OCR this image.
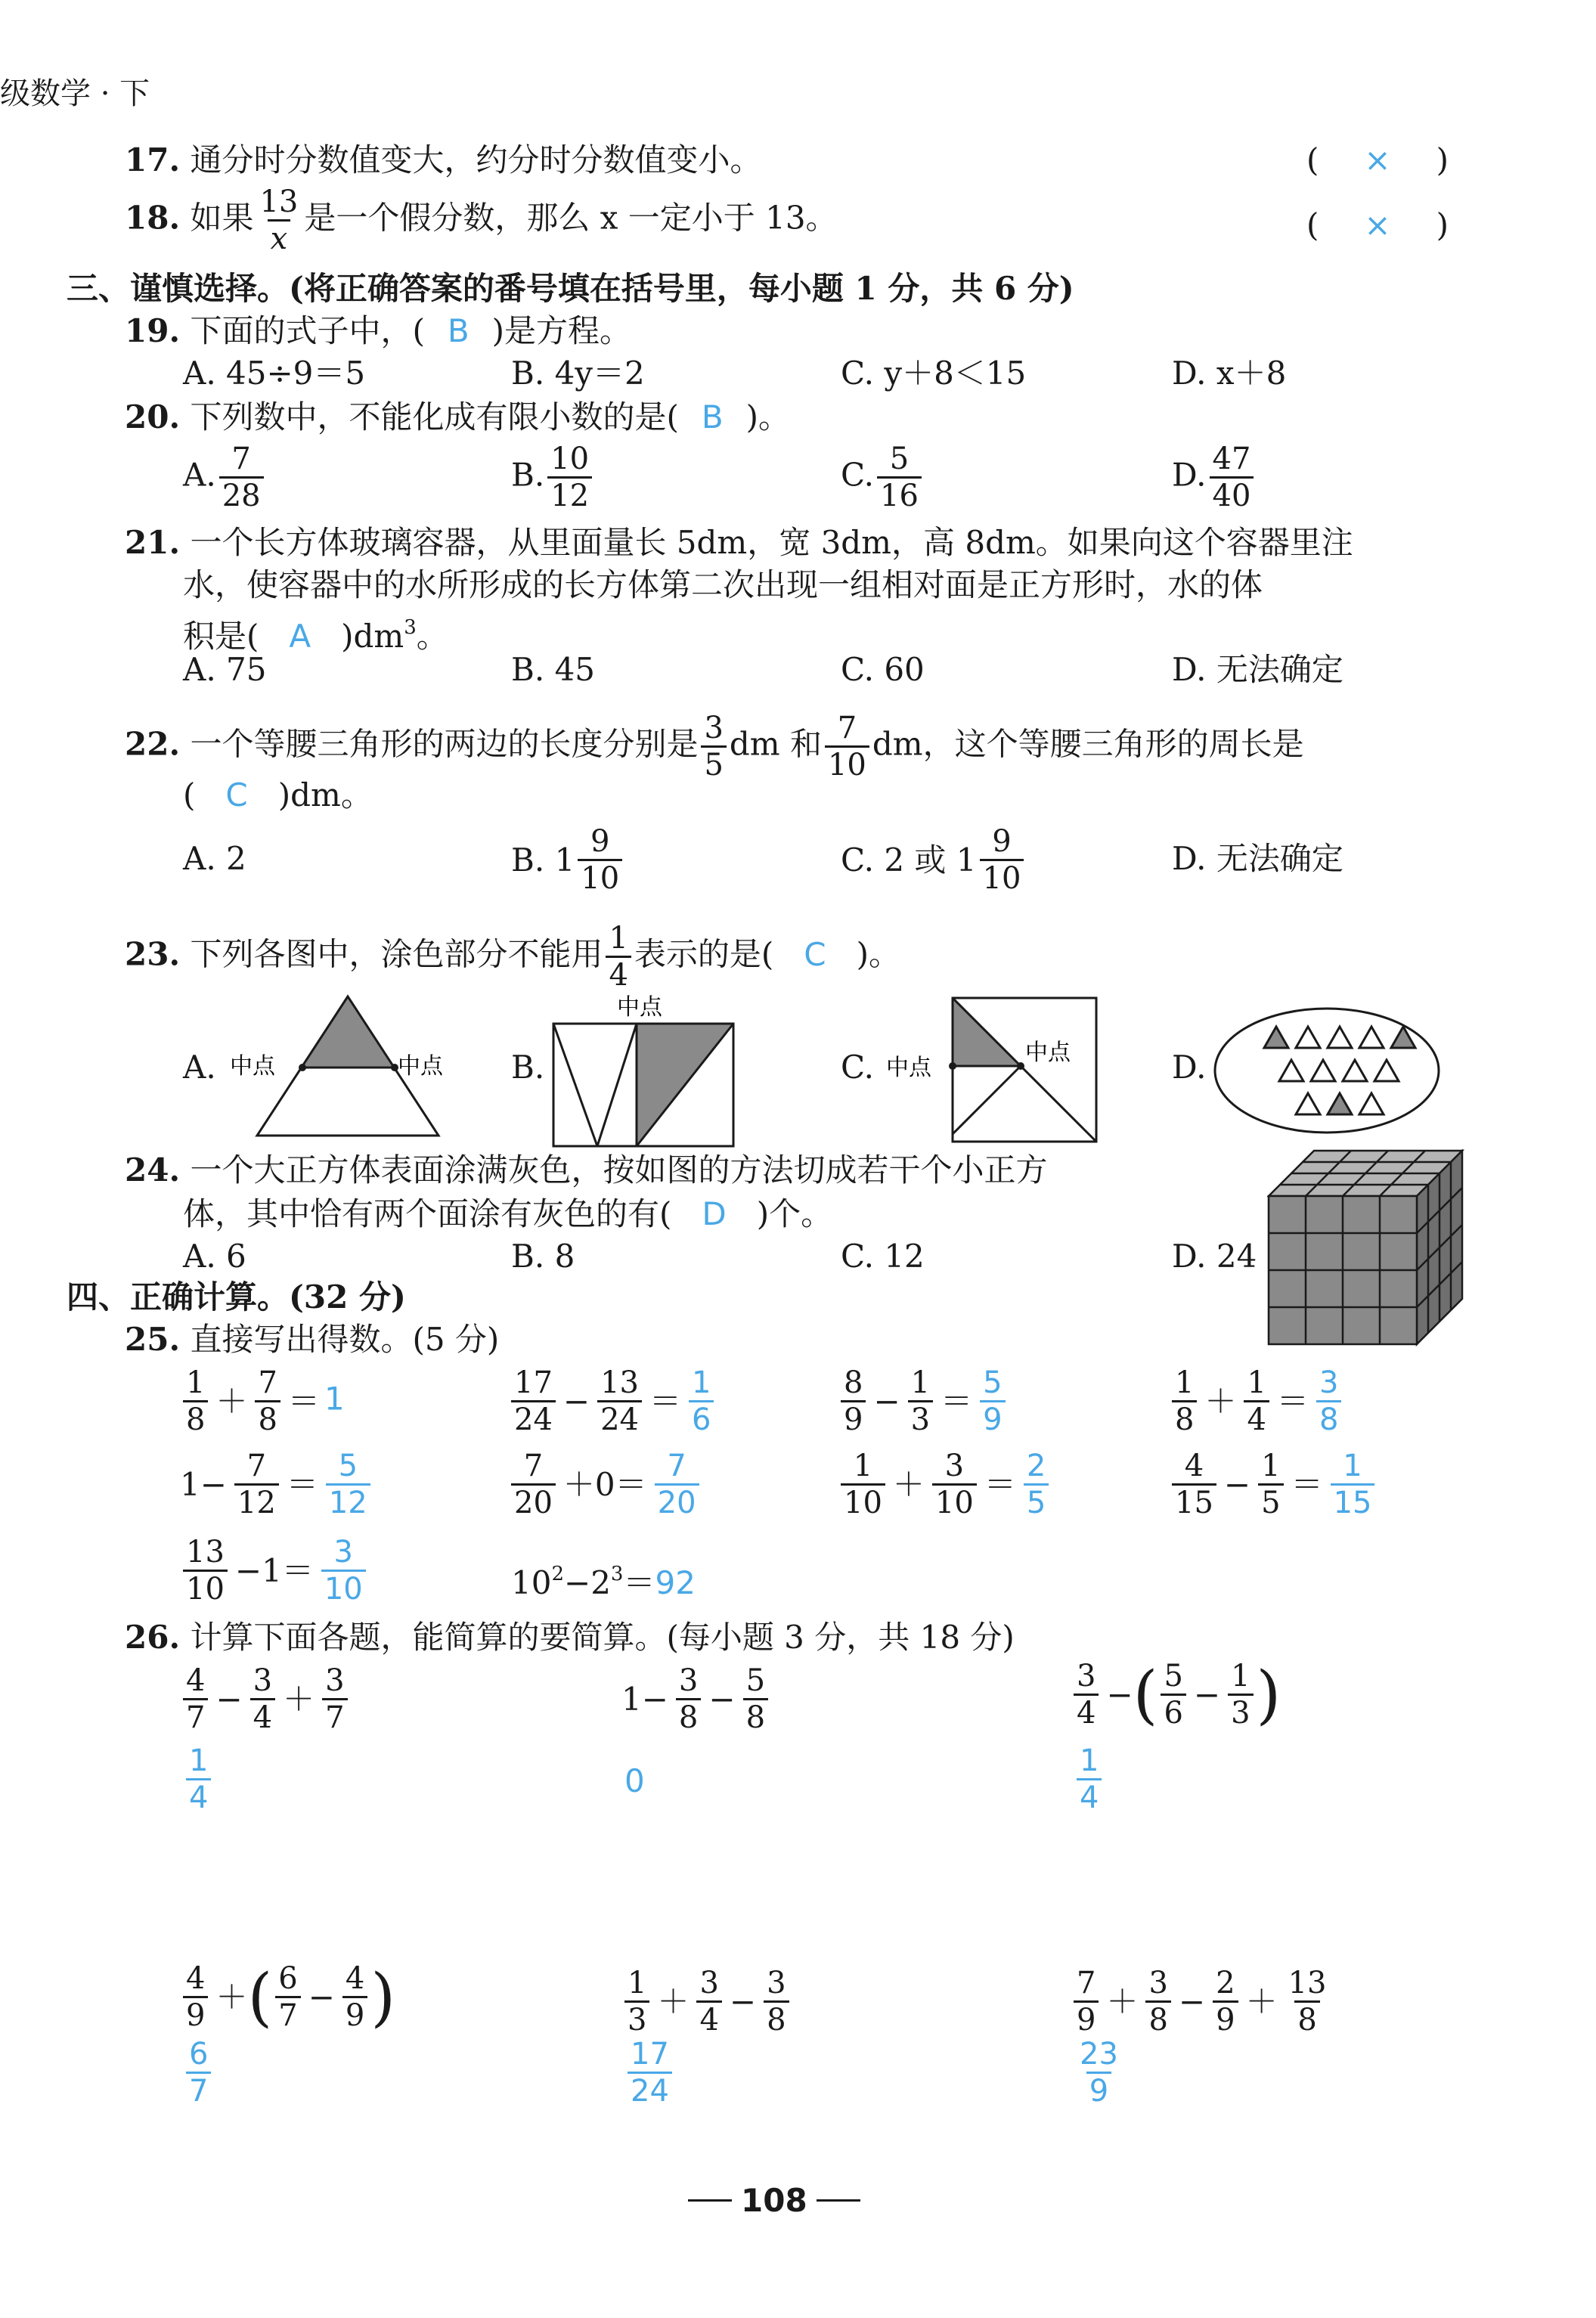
级数学 · 下
17. 通分时分数值变大，约分时分数值变小。	( × )
18. 如果 $\frac{13}{x}$ 是一个假分数，那么 x 一定小于 13。	( × )
三、谨慎选择。(将正确答案的番号填在括号里，每小题 1 分，共 6 分)
19. 下面的式子中，( B )是方程。
A. 45÷9＝5	B. 4y＝2	C. y＋8＜15	D. x＋8
20. 下列数中，不能化成有限小数的是( B )。
A. $\frac{7}{28}$	B. $\frac{10}{12}$	C. $\frac{5}{16}$	D. $\frac{47}{40}$
21. 一个长方体玻璃容器，从里面量长 5dm，宽 3dm，高 8dm。如果向这个容器里注
水，使容器中的水所形成的长方体第二次出现一组相对面是正方形时，水的体
积是( A )$dm^3$。
A. 75	B. 45	C. 60	D. 无法确定
22. 一个等腰三角形的两边的长度分别是 $\frac{3}{5}$ dm 和 $\frac{7}{10}$ dm，这个等腰三角形的周长是
( C )dm。
A. 2	B. $1 \frac{9}{10}$	C. 2 或 $1 \frac{9}{10}$	D. 无法确定
23. 下列各图中，涂色部分不能用 $\frac{1}{4}$ 表示的是( C )。
A. 中点	中点 B.
中点
C. 中点
中点	D.
24. 一个大正方体表面涂满灰色，按如图的方法切成若干个小正方
体，其中恰有两个面涂有灰色的有( D )个。
A. 6	B. 8	C. 12	D. 24
四、正确计算。(32 分)
25. 直接写出得数。(5 分)
$\frac{1}{8} + \frac{7}{8} = 1$	$\frac{17}{24} - \frac{13}{24} = \frac{1}{6}$	$\frac{8}{9} - \frac{1}{3} = \frac{5}{9}$	$\frac{1}{8} + \frac{1}{4} = \frac{3}{8}$
$1- \frac{7}{12} = \frac{5}{12}$	$\frac{7}{20} +0= \frac{7}{20}$	$\frac{1}{10} + \frac{3}{10} = \frac{2}{5}$	$\frac{4}{15} - \frac{1}{5} = \frac{1}{15}$
$\frac{13}{10} -1= \frac{3}{10}$	$10^2-2^3=92$
26. 计算下面各题，能简算的要简算。(每小题 3 分，共 18 分)
$\frac{4}{7} - \frac{3}{4} + \frac{3}{7}$
$\frac{1}{4}$
$1- \frac{3}{8} - \frac{5}{8}$
0
$\frac{3}{4}$ −( $\frac{5}{6} - \frac{1}{3}$ )
$\frac{1}{4}$
$\frac{4}{9}$ ＋( $\frac{6}{7} - \frac{4}{9}$ )
$\frac{6}{7}$
$\frac{1}{3} + \frac{3}{4} - \frac{3}{8}$
$\frac{17}{24}$
$\frac{7}{9} + \frac{3}{8} - \frac{2}{9} + \frac{13}{8}$
$\frac{23}{9}$
108
